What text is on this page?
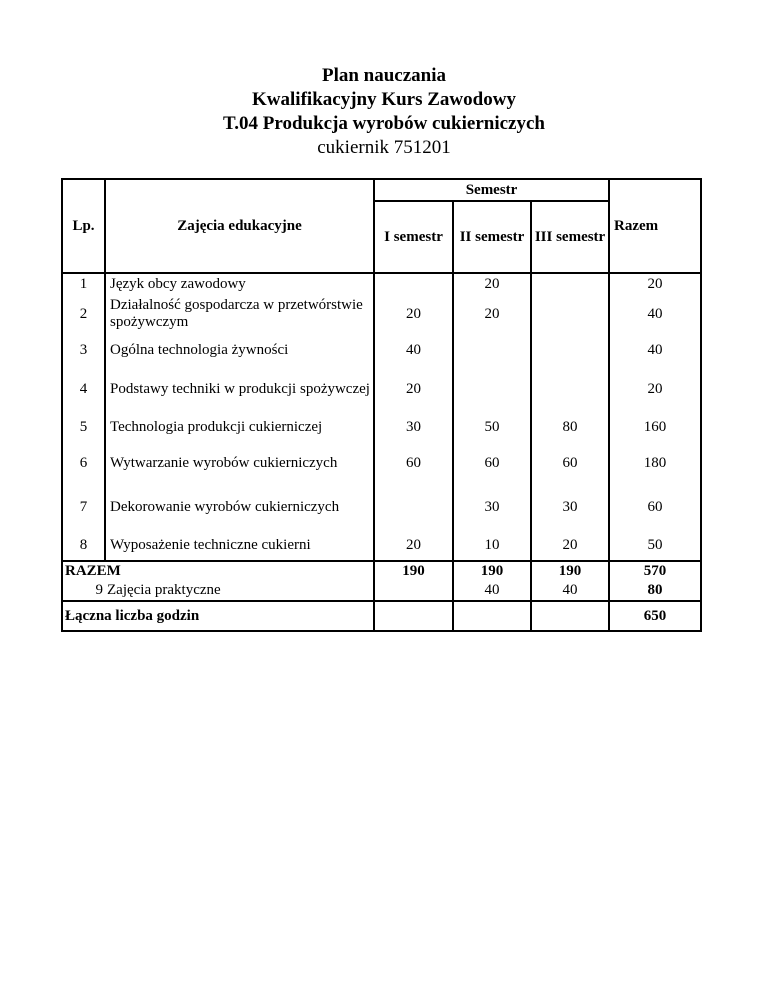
Plan nauczania
Kwalifikacyjny Kurs Zawodowy
T.04 Produkcja wyrobów cukierniczych
cukiernik 751201
Lp.	Zajęcia edukacyjne	Semestr			Razem
		I semestr	II semestr	III semestr	
1	Język obcy zawodowy		20		20
2	Działalność gospodarcza w przetwórstwie spożywczym	20	20		40
3	Ogólna technologia żywności	40			40
4	Podstawy techniki w produkcji spożywczej	20			20
5	Technologia produkcji cukierniczej	30	50	80	160
6	Wytwarzanie wyrobów cukierniczych	60	60	60	180
7	Dekorowanie wyrobów cukierniczych		30	30	60
8	Wyposażenie techniczne cukierni	20	10	20	50
RAZEM		190	190	190	570
9	Zajęcia praktyczne		40	40	80
Łączna liczba godzin					650
